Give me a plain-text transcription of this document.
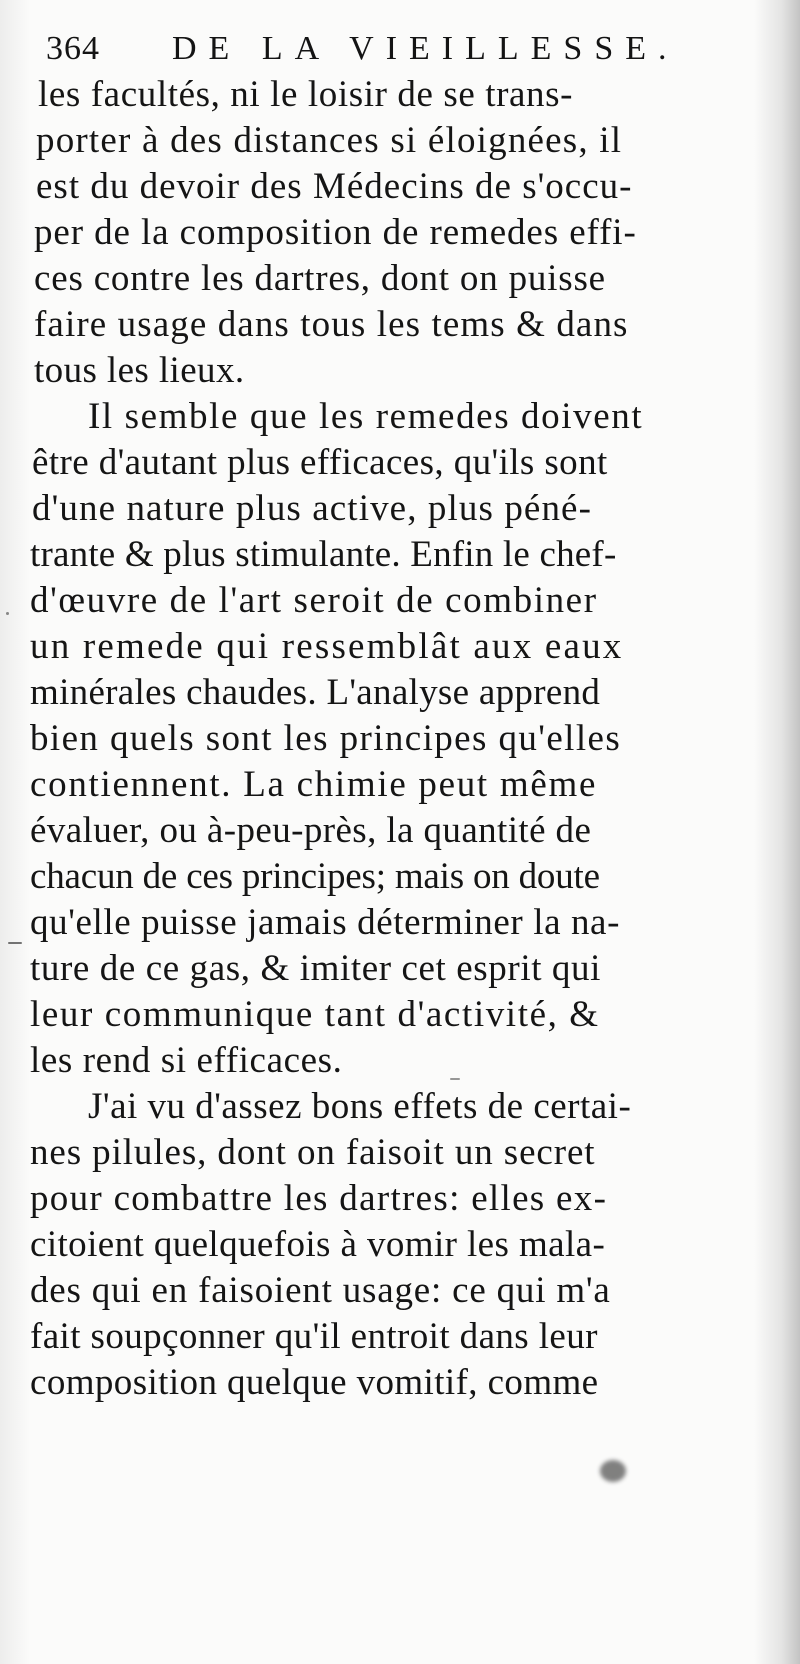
364 DE LA VIEILLESSE.
les facultés, ni le loisir de se trans-
porter à des distances si éloignées, il
est du devoir des Médecins de s'occu-
per de la composition de remedes effi-
ces contre les dartres, dont on puisse
faire usage dans tous les tems & dans
tous les lieux.
Il semble que les remedes doivent
être d'autant plus efficaces, qu'ils sont
d'une nature plus active, plus péné-
trante & plus stimulante. Enfin le chef-
d'œuvre de l'art seroit de combiner
un remede qui ressemblât aux eaux
minérales chaudes. L'analyse apprend
bien quels sont les principes qu'elles
contiennent. La chimie peut même
évaluer, ou à-peu-près, la quantité de
chacun de ces principes; mais on doute
qu'elle puisse jamais déterminer la na-
ture de ce gas, & imiter cet esprit qui
leur communique tant d'activité, &
les rend si efficaces.
J'ai vu d'assez bons effets de certai-
nes pilules, dont on faisoit un secret
pour combattre les dartres: elles ex-
citoient quelquefois à vomir les mala-
des qui en faisoient usage: ce qui m'a
fait soupçonner qu'il entroit dans leur
composition quelque vomitif, comme
